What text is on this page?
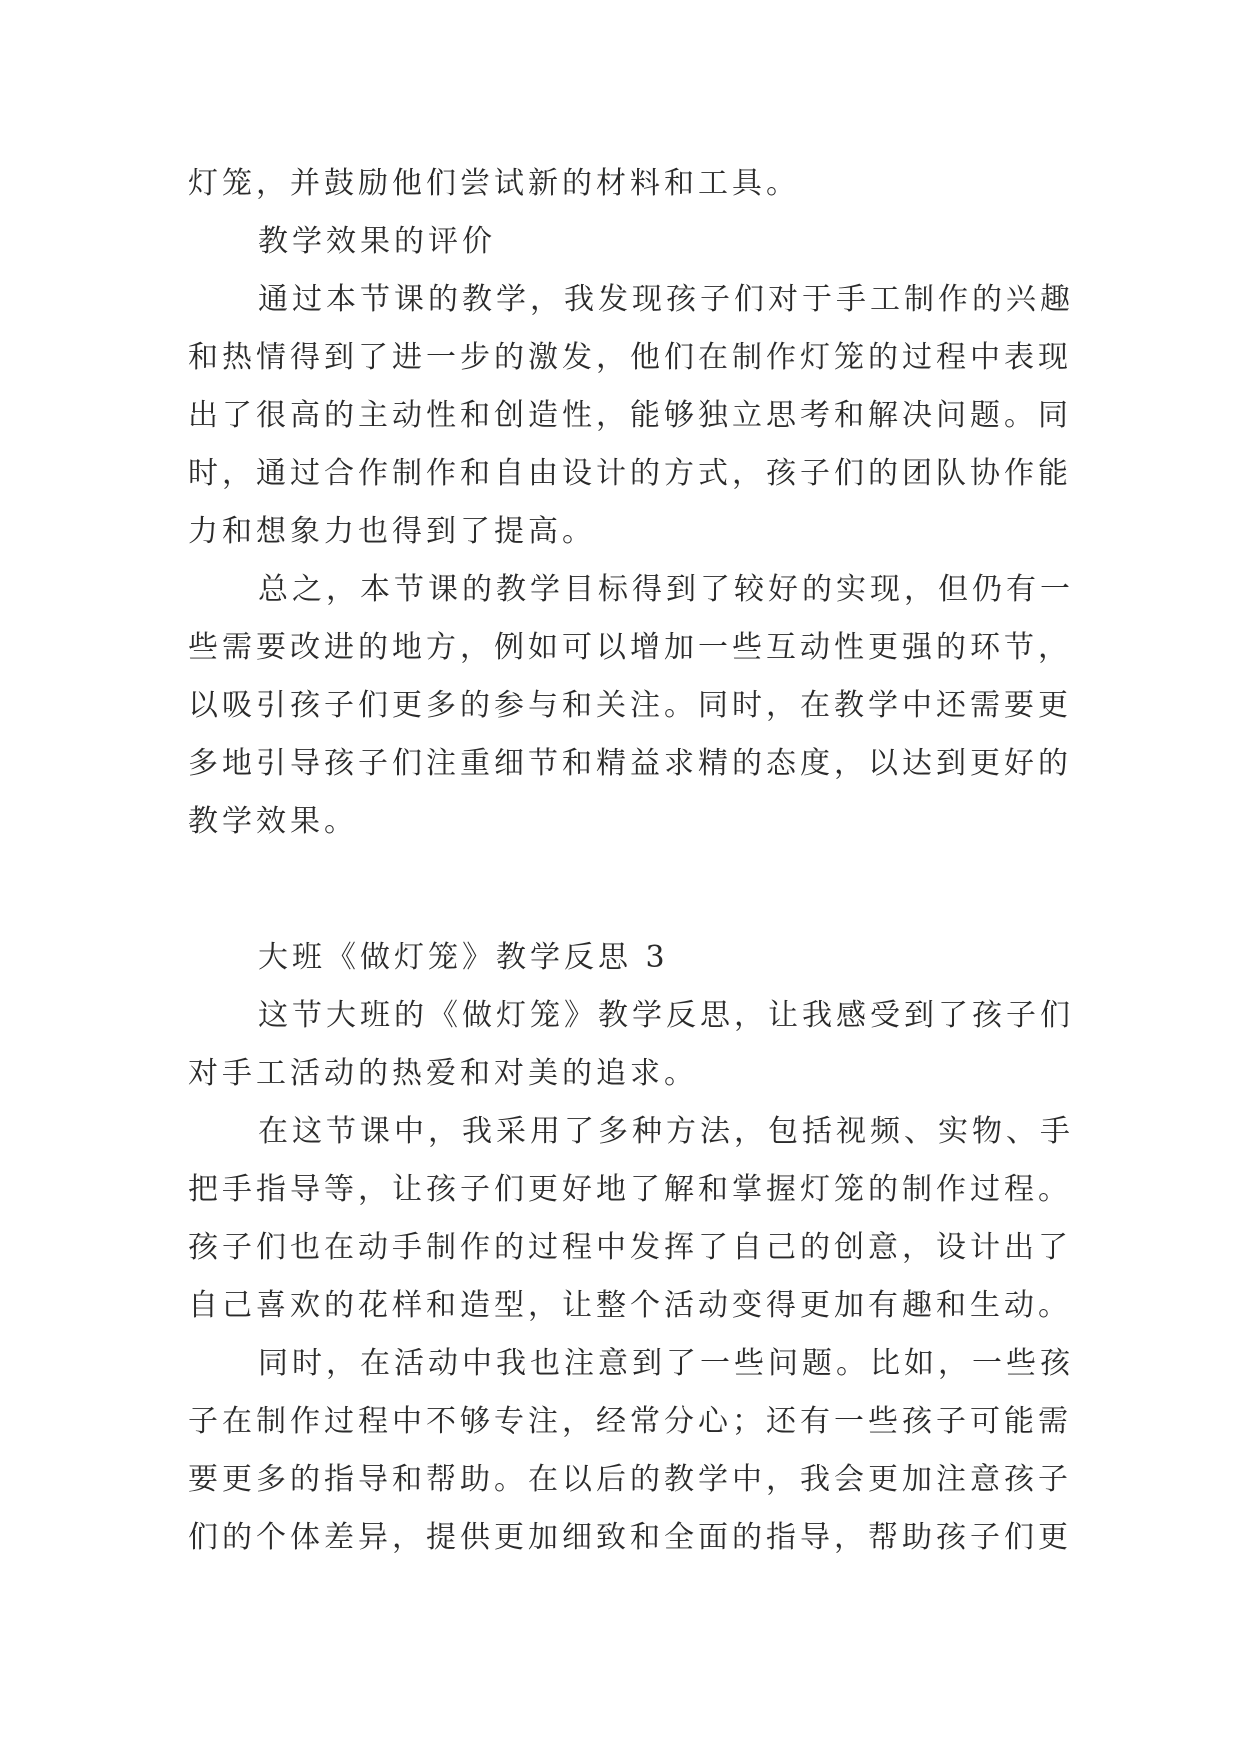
灯笼，并鼓励他们尝试新的材料和工具。
教学效果的评价
通过本节课的教学，我发现孩子们对于手工制作的兴趣
和热情得到了进一步的激发，他们在制作灯笼的过程中表现
出了很高的主动性和创造性，能够独立思考和解决问题。同
时，通过合作制作和自由设计的方式，孩子们的团队协作能
力和想象力也得到了提高。
总之，本节课的教学目标得到了较好的实现，但仍有一
些需要改进的地方，例如可以增加一些互动性更强的环节，
以吸引孩子们更多的参与和关注。同时，在教学中还需要更
多地引导孩子们注重细节和精益求精的态度，以达到更好的
教学效果。
大班《做灯笼》教学反思 3
这节大班的《做灯笼》教学反思，让我感受到了孩子们
对手工活动的热爱和对美的追求。
在这节课中，我采用了多种方法，包括视频、实物、手
把手指导等，让孩子们更好地了解和掌握灯笼的制作过程。
孩子们也在动手制作的过程中发挥了自己的创意，设计出了
自己喜欢的花样和造型，让整个活动变得更加有趣和生动。
同时，在活动中我也注意到了一些问题。比如，一些孩
子在制作过程中不够专注，经常分心；还有一些孩子可能需
要更多的指导和帮助。在以后的教学中，我会更加注意孩子
们的个体差异，提供更加细致和全面的指导，帮助孩子们更
